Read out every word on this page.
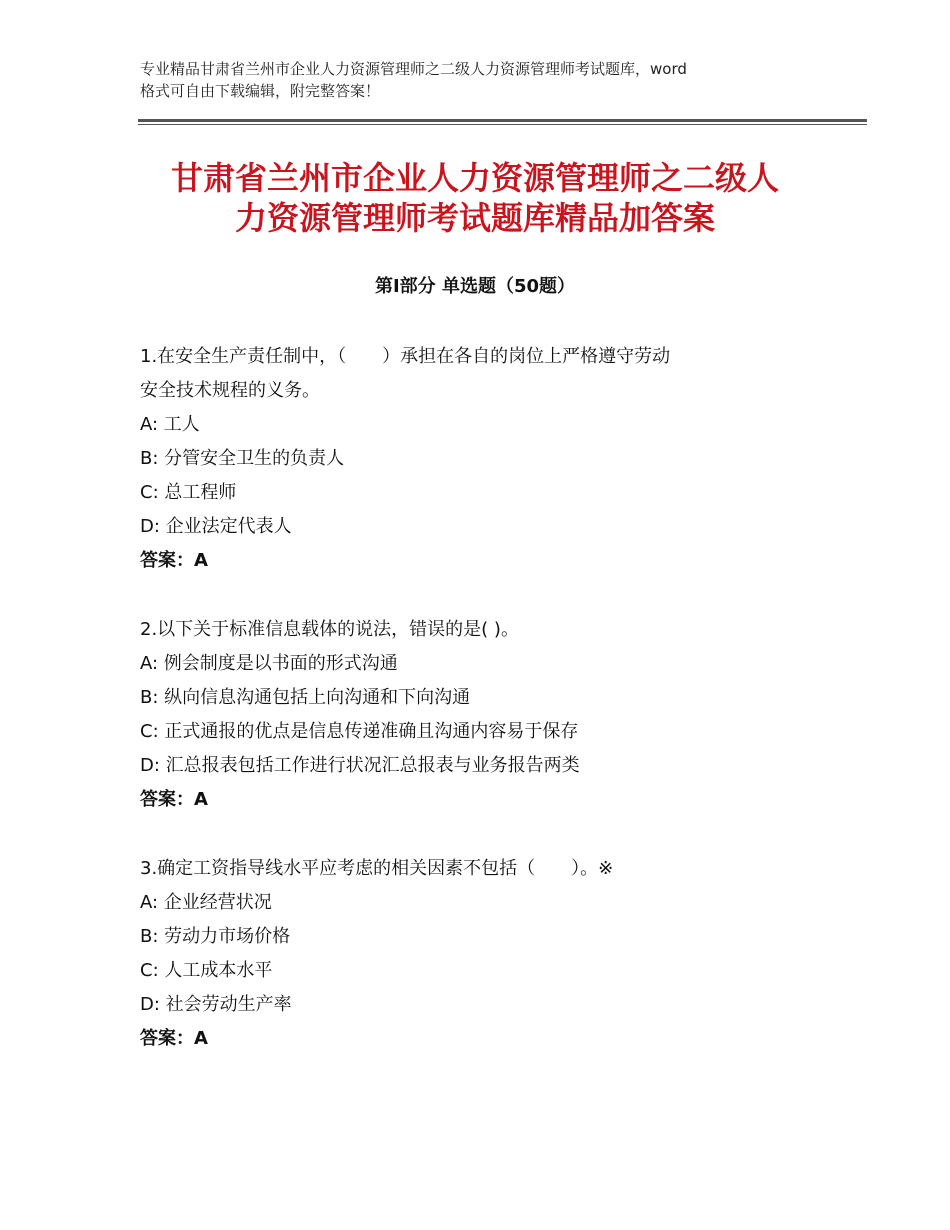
专业精品甘肃省兰州市企业人力资源管理师之二级人力资源管理师考试题库，word
格式可自由下载编辑，附完整答案！
甘肃省兰州市企业人力资源管理师之二级人
力资源管理师考试题库精品加答案
第Ⅰ部分 单选题（50题）
1.在安全生产责任制中，（　　）承担在各自的岗位上严格遵守劳动
安全技术规程的义务。
A: 工人
B: 分管安全卫生的负责人
C: 总工程师
D: 企业法定代表人
答案：A
2.以下关于标准信息载体的说法，错误的是( )。
A: 例会制度是以书面的形式沟通
B: 纵向信息沟通包括上向沟通和下向沟通
C: 正式通报的优点是信息传递准确且沟通内容易于保存
D: 汇总报表包括工作进行状况汇总报表与业务报告两类
答案：A
3.确定工资指导线水平应考虑的相关因素不包括（　　）。※
A: 企业经营状况
B: 劳动力市场价格
C: 人工成本水平
D: 社会劳动生产率
答案：A
